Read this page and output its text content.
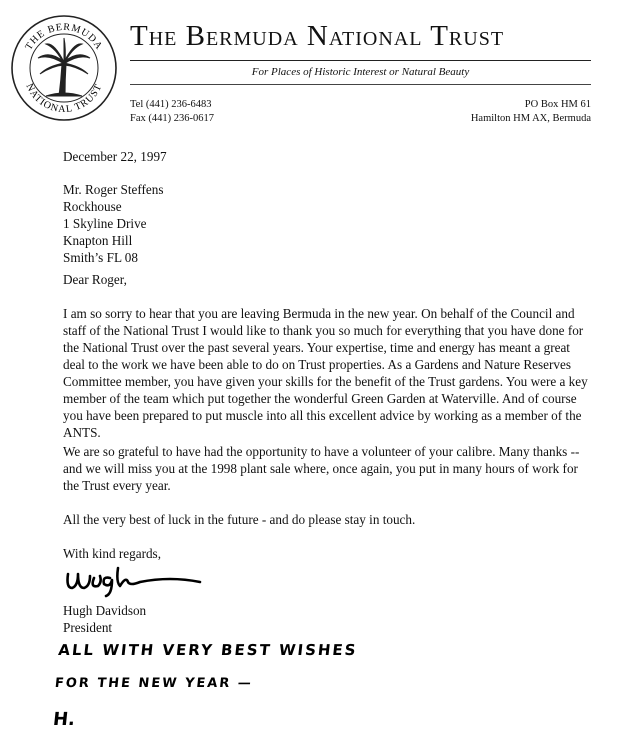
THE BERMUDA
NATIONAL TRUST
The Bermuda National Trust
For Places of Historic Interest or Natural Beauty
Tel (441) 236-6483
Fax (441) 236-0617
PO Box HM 61
Hamilton HM AX, Bermuda
December 22, 1997
Mr. Roger Steffens
Rockhouse
1 Skyline Drive
Knapton Hill
Smith’s FL 08
Dear Roger,

I am so sorry to hear that you are leaving Bermuda in the new year. On behalf of the Council and staff of the National Trust I would like to thank you so much for everything that you have done for the National Trust over the past several years. Your expertise, time and energy has meant a great deal to the work we have been able to do on Trust properties. As a Gardens and Nature Reserves Committee member, you have given your skills for the benefit of the Trust gardens. You were a key member of the team which put together the wonderful Green Garden at Waterville. And of course you have been prepared to put muscle into all this excellent advice by working as a member of the ANTS.

We are so grateful to have had the opportunity to have a volunteer of your calibre. Many thanks -- and we will miss you at the 1998 plant sale where, once again, you put in many hours of work for the Trust every year.

All the very best of luck in the future - and do please stay in touch.

With kind regards,
Hugh Davidson
President
ALL WITH VERY BEST WISHES
FOR THE NEW YEAR —
H.
